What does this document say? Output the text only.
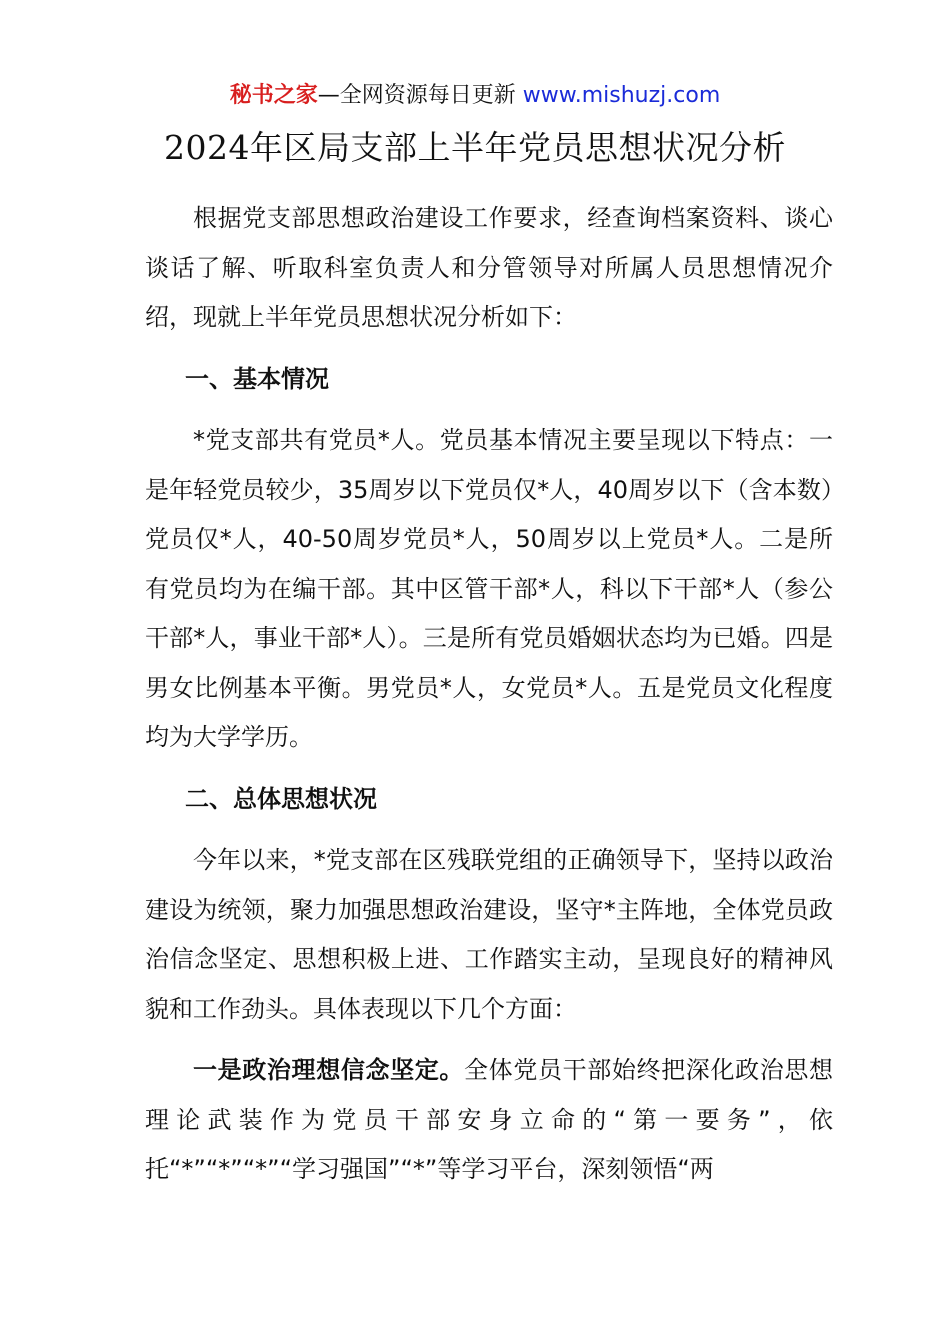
秘书之家—全网资源每日更新 www.mishuzj.com
2024年区局支部上半年党员思想状况分析

根据党支部思想政治建设工作要求，经查询档案资料、谈心谈话了解、听取科室负责人和分管领导对所属人员思想情况介绍，现就上半年党员思想状况分析如下：

一、基本情况

*党支部共有党员*人。党员基本情况主要呈现以下特点：一是年轻党员较少，35周岁以下党员仅*人，40周岁以下（含本数）党员仅*人，40-50周岁党员*人，50周岁以上党员*人。二是所有党员均为在编干部。其中区管干部*人，科以下干部*人（参公干部*人，事业干部*人）。三是所有党员婚姻状态均为已婚。四是男女比例基本平衡。男党员*人，女党员*人。五是党员文化程度均为大学学历。

二、总体思想状况

今年以来，*党支部在区残联党组的正确领导下，坚持以政治建设为统领，聚力加强思想政治建设，坚守*主阵地，全体党员政治信念坚定、思想积极上进、工作踏实主动，呈现良好的精神风貌和工作劲头。具体表现以下几个方面：

一是政治理想信念坚定。全体党员干部始终把深化政治思想理论武装作为党员干部安身立命的“第一要务”，依托“*”“*”“*”“学习强国”“*”等学习平台，深刻领悟“两
